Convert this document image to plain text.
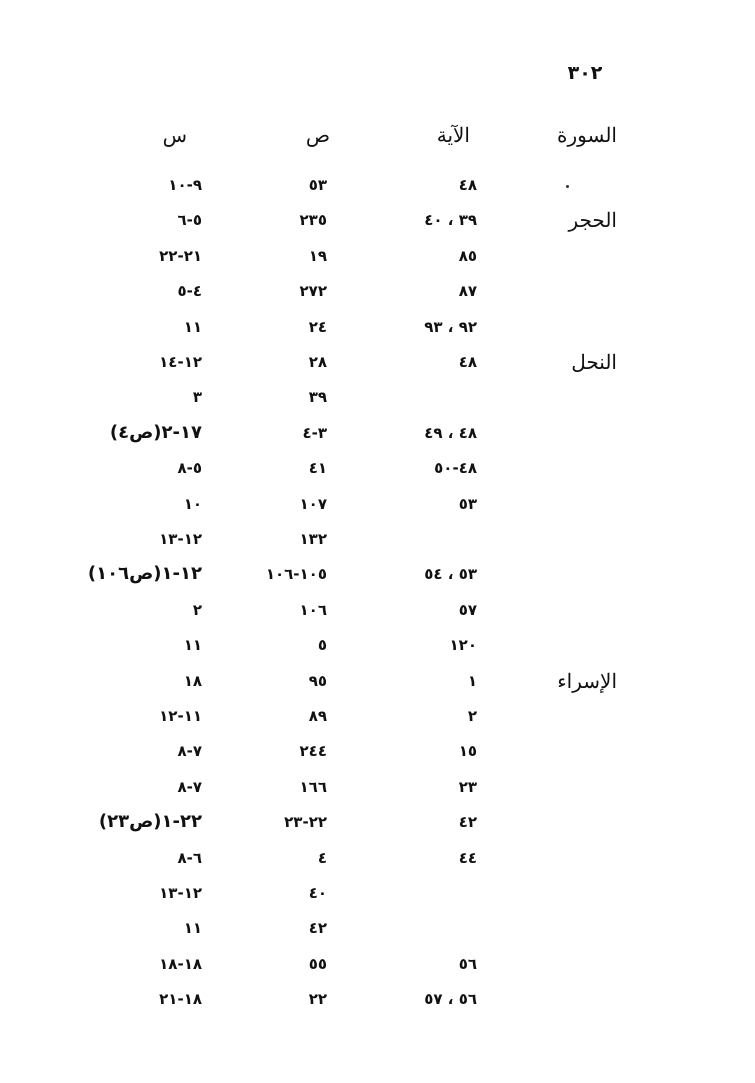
٣٠٢
السورة
الآية
ص
س
٤٨
٥٣
٩-١٠
الحجر
٣٩ ، ٤٠
٢٣٥
٥-٦
٨٥
١٩
٢١-٢٢
٨٧
٢٧٢
٤-٥
٩٢ ، ٩٣
٢٤
١١
النحل
٤٨
٢٨
١٢-١٤
٣٩
٣
٤٨ ، ٤٩
٣-٤
١٧-٢(ص٤)
٤٨-٥٠
٤١
٥-٨
٥٣
١٠٧
١٠
١٣٢
١٢-١٣
٥٣ ، ٥٤
١٠٥-١٠٦
١٢-١(ص١٠٦)
٥٧
١٠٦
٢
١٢٠
٥
١١
الإسراء
١
٩٥
١٨
٢
٨٩
١١-١٢
١٥
٢٤٤
٧-٨
٢٣
١٦٦
٧-٨
٤٢
٢٢-٢٣
٢٢-١(ص٢٣)
٤٤
٤
٦-٨
٤٠
١٢-١٣
٤٢
١١
٥٦
٥٥
١٨-١٨
٥٦ ، ٥٧
٢٢
١٨-٢١
